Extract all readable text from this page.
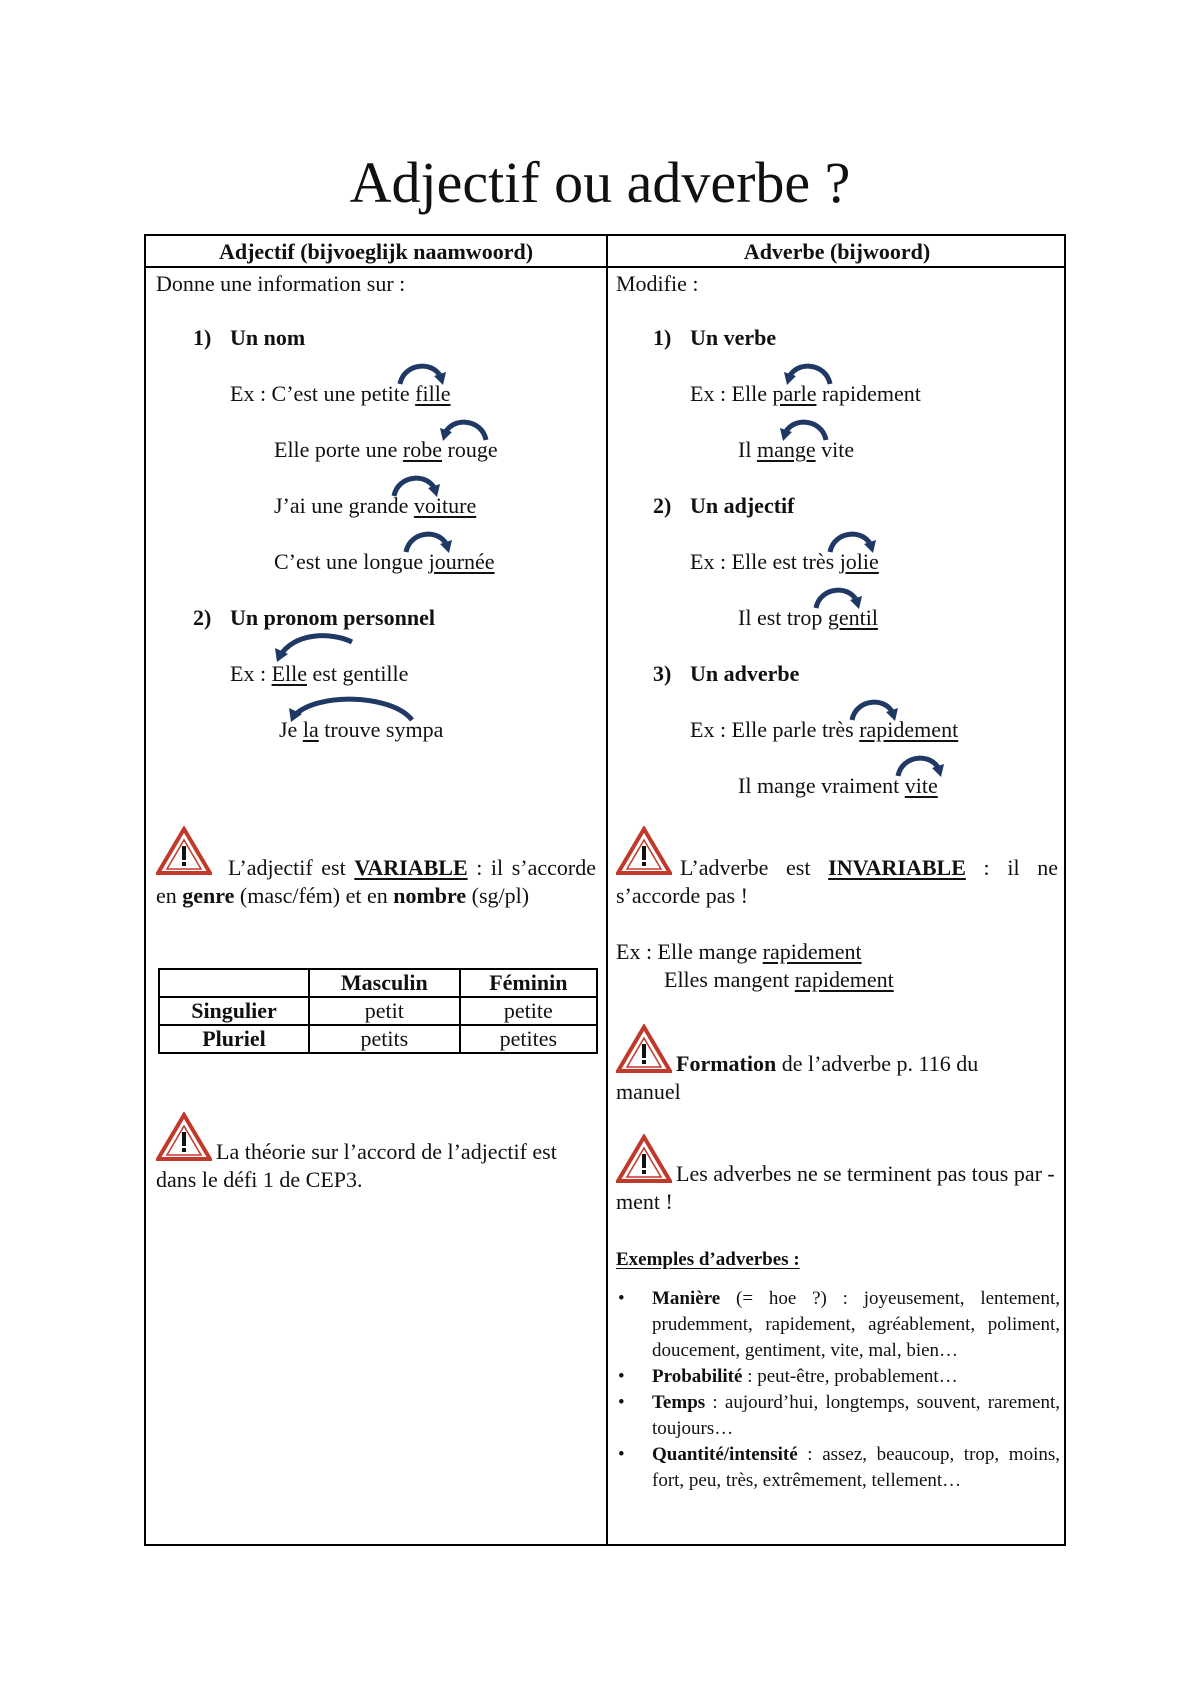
Adjectif ou adverbe ?
Adjectif (bijvoeglijk naamwoord)	Adverbe (bijwoord)
Donne une information sur :
1) Un nom
Ex : C’est une petite fille
Elle porte une robe rouge
J’ai une grande voiture
C’est une longue journée
2) Un pronom personnel
Ex : Elle est gentille
Je la trouve sympa
L’adjectif est VARIABLE : il s’accorde en genre (masc/fém) et en nombre (sg/pl)
	Masculin	Féminin
Singulier	petit	petite
Pluriel	petits	petites
La théorie sur l’accord de l’adjectif est dans le défi 1 de CEP3.
Modifie :
1) Un verbe
Ex : Elle parle rapidement
Il mange vite
2) Un adjectif
Ex : Elle est très jolie
Il est trop gentil
3) Un adverbe
Ex : Elle parle très rapidement
Il mange vraiment vite
L’adverbe est INVARIABLE : il ne s’accorde pas !
Ex : Elle mange rapidement
Elles mangent rapidement
Formation de l’adverbe p. 116 du manuel
Les adverbes ne se terminent pas tous par -ment !
Exemples d’adverbes :
• Manière (= hoe ?) : joyeusement, lentement, prudemment, rapidement, agréablement, poliment, doucement, gentiment, vite, mal, bien…
• Probabilité : peut-être, probablement…
• Temps : aujourd’hui, longtemps, souvent, rarement, toujours…
• Quantité/intensité : assez, beaucoup, trop, moins, fort, peu, très, extrêmement, tellement…
